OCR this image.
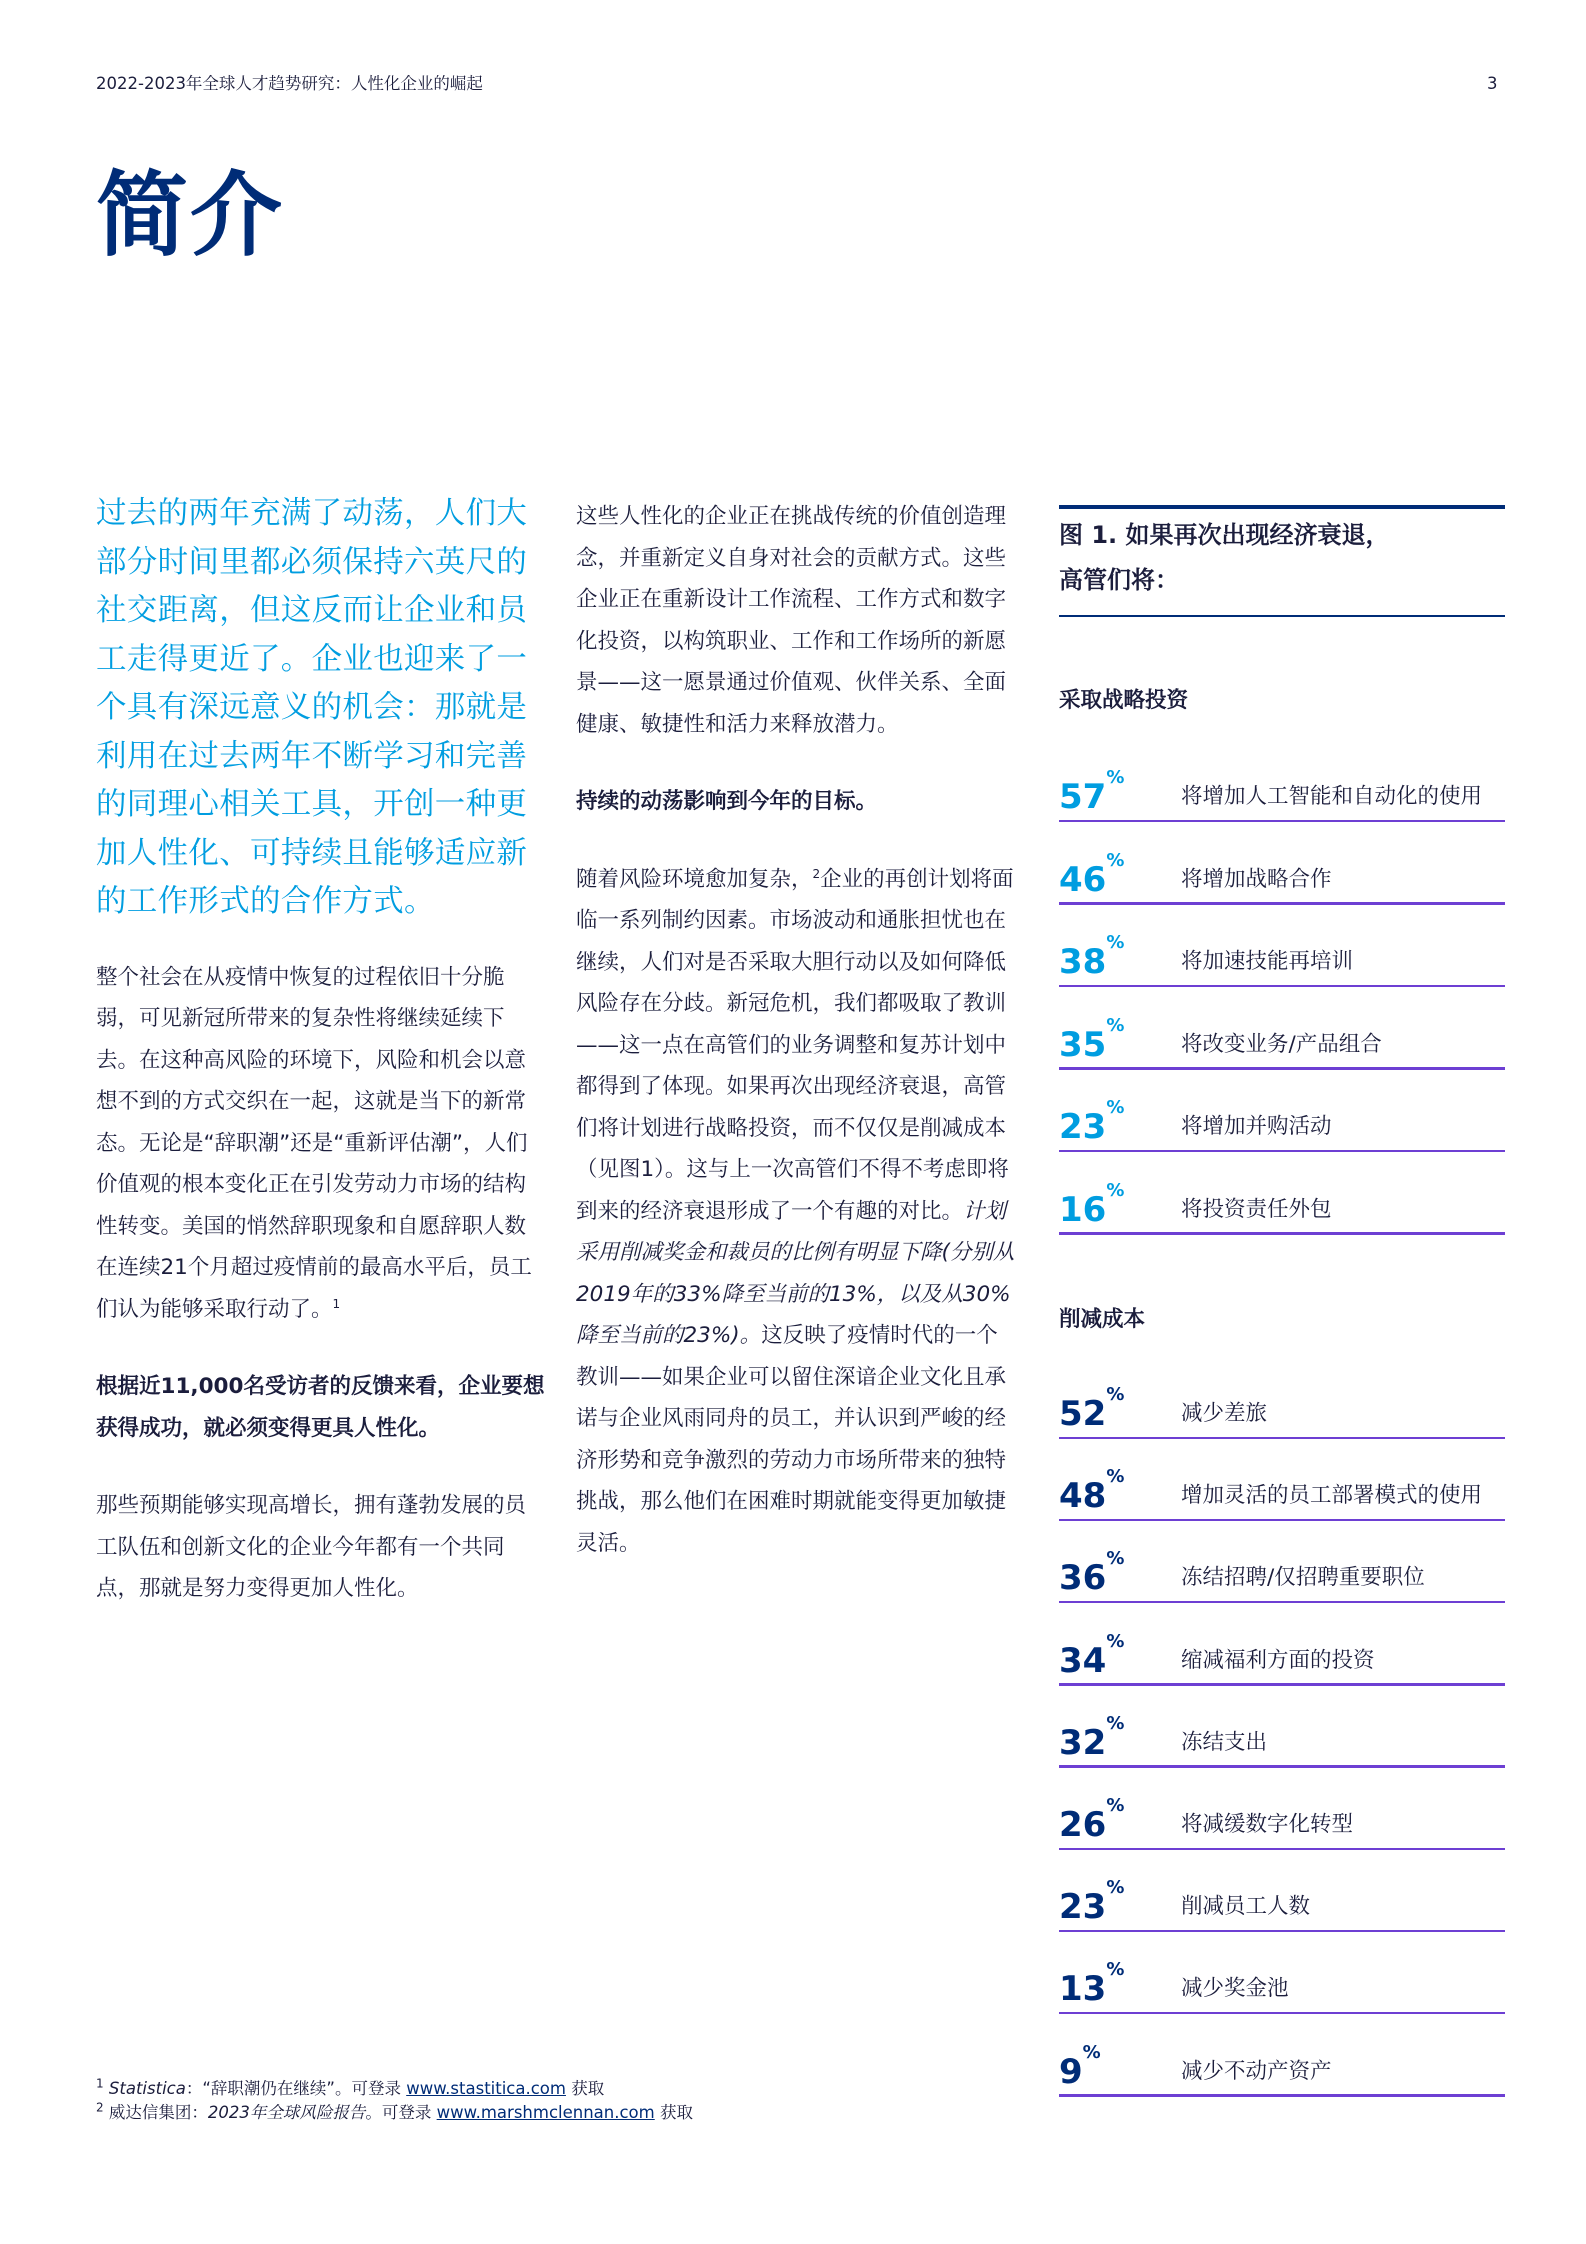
2022-2023年全球人才趋势研究：人性化企业的崛起	3
简介

过去的两年充满了动荡，人们大部分时间里都必须保持六英尺的社交距离，但这反而让企业和员工走得更近了。企业也迎来了一个具有深远意义的机会：那就是利用在过去两年不断学习和完善的同理心相关工具，开创一种更加人性化、可持续且能够适应新的工作形式的合作方式。

整个社会在从疫情中恢复的过程依旧十分脆弱，可见新冠所带来的复杂性将继续延续下去。在这种高风险的环境下，风险和机会以意想不到的方式交织在一起，这就是当下的新常态。无论是“辞职潮”还是“重新评估潮”，人们价值观的根本变化正在引发劳动力市场的结构性转变。美国的悄然辞职现象和自愿辞职人数在连续21个月超过疫情前的最高水平后，员工们认为能够采取行动了。$^1$

根据近11,000名受访者的反馈来看，企业要想获得成功，就必须变得更具人性化。

那些预期能够实现高增长，拥有蓬勃发展的员工队伍和创新文化的企业今年都有一个共同点，那就是努力变得更加人性化。

这些人性化的企业正在挑战传统的价值创造理念，并重新定义自身对社会的贡献方式。这些企业正在重新设计工作流程、工作方式和数字化投资，以构筑职业、工作和工作场所的新愿景——这一愿景通过价值观、伙伴关系、全面健康、敏捷性和活力来释放潜力。

持续的动荡影响到今年的目标。

随着风险环境愈加复杂，$^2$企业的再创计划将面临一系列制约因素。市场波动和通胀担忧也在继续，人们对是否采取大胆行动以及如何降低风险存在分歧。新冠危机，我们都吸取了教训——这一点在高管们的业务调整和复苏计划中都得到了体现。如果再次出现经济衰退，高管们将计划进行战略投资，而不仅仅是削减成本（见图1）。这与上一次高管们不得不考虑即将到来的经济衰退形成了一个有趣的对比。计划采用削减奖金和裁员的比例有明显下降(分别从2019年的33%降至当前的13%，以及从30%降至当前的23%)。这反映了疫情时代的一个教训——如果企业可以留住深谙企业文化且承诺与企业风雨同舟的员工，并认识到严峻的经济形势和竞争激烈的劳动力市场所带来的独特挑战，那么他们在困难时期就能变得更加敏捷灵活。

图 1. 如果再次出现经济衰退，
高管们将：
采取战略投资
57%
将增加人工智能和自动化的使用
46%
将增加战略合作
38%
将加速技能再培训
35%
将改变业务/产品组合
23%
将增加并购活动
16%
将投资责任外包
削减成本
52%
减少差旅
48%
增加灵活的员工部署模式的使用
36%
冻结招聘/仅招聘重要职位
34%
缩减福利方面的投资
32%
冻结支出
26%
将减缓数字化转型
23%
削减员工人数
13%
减少奖金池
9%
减少不动产资产
$^1$ Statistica：“辞职潮仍在继续”。可登录 www.stastitica.com 获取
$^2$ 威达信集团：2023年全球风险报告。可登录 www.marshmclennan.com 获取
